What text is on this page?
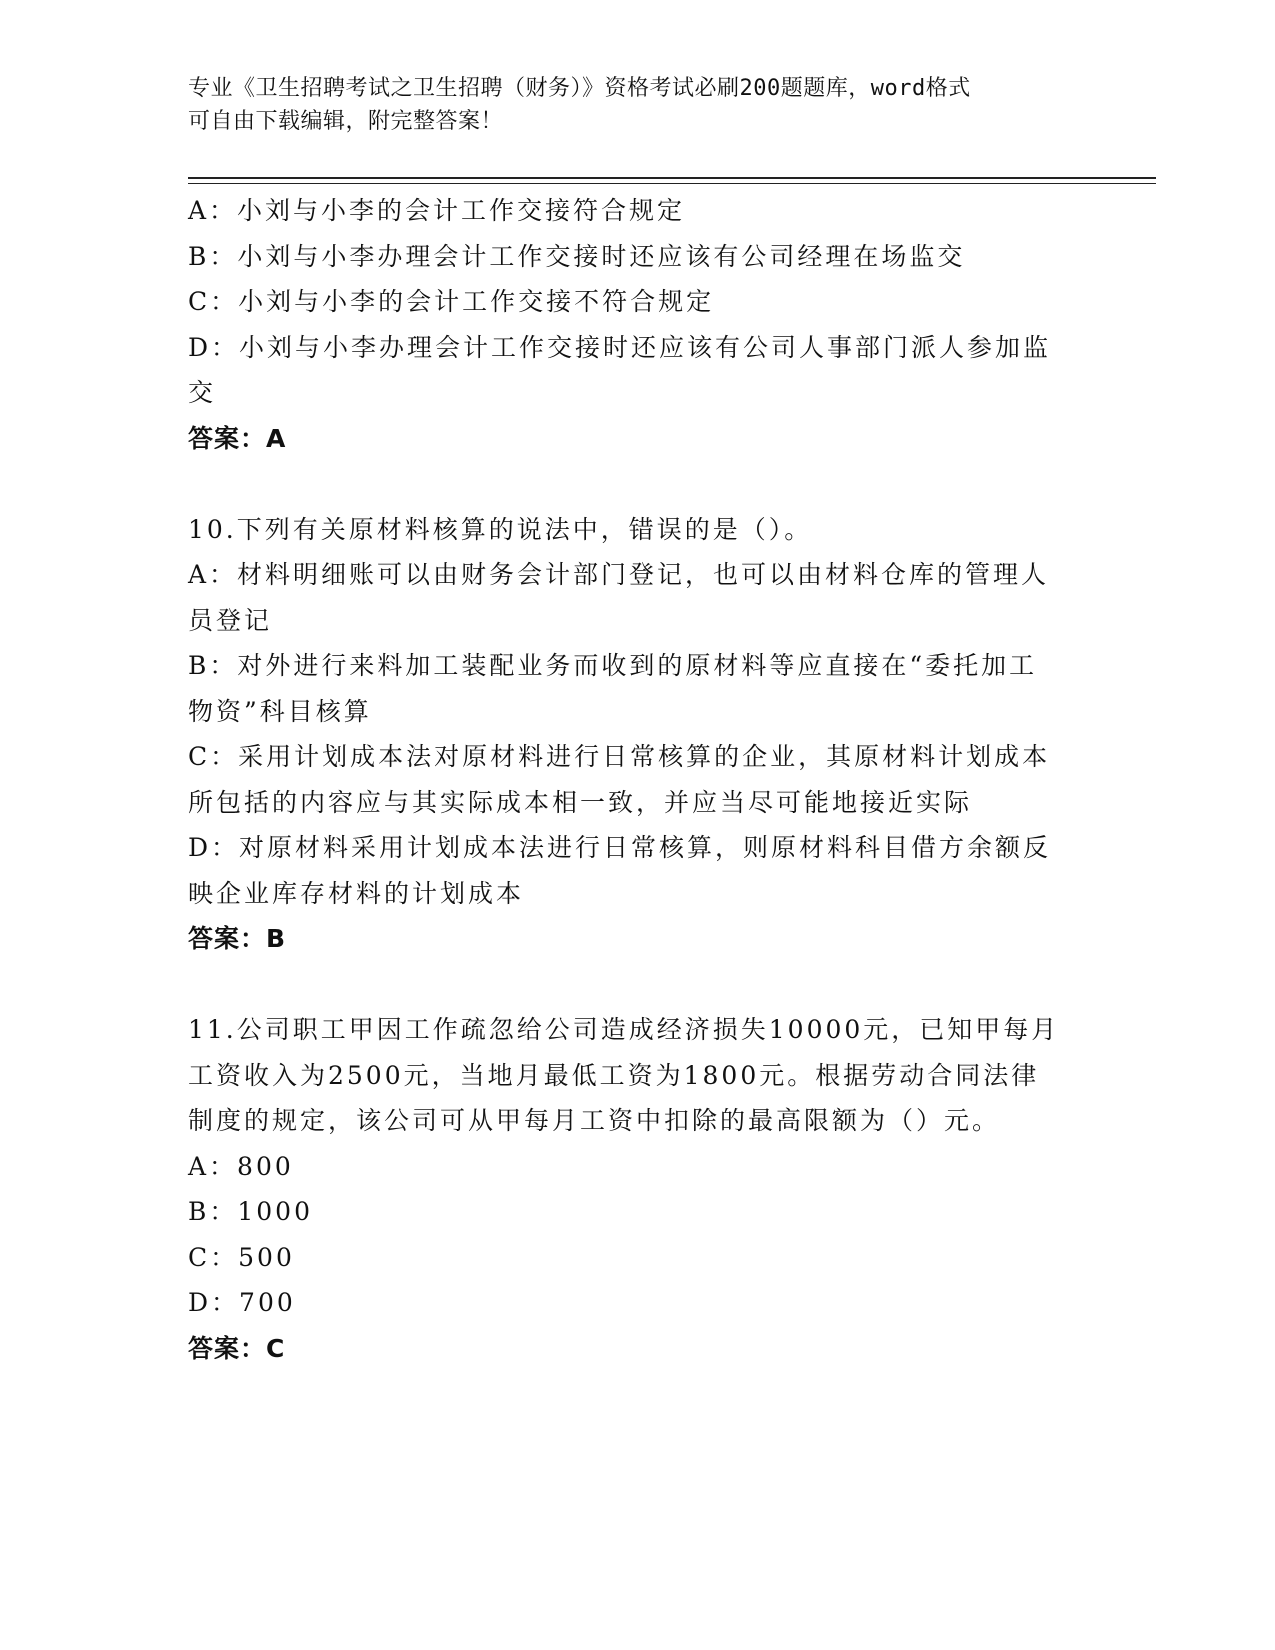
专业《卫生招聘考试之卫生招聘（财务）》资格考试必刷200题题库，word格式
可自由下载编辑，附完整答案！
A：小刘与小李的会计工作交接符合规定
B：小刘与小李办理会计工作交接时还应该有公司经理在场监交
C：小刘与小李的会计工作交接不符合规定
D：小刘与小李办理会计工作交接时还应该有公司人事部门派人参加监
交
答案：A
10.下列有关原材料核算的说法中，错误的是（）。
A：材料明细账可以由财务会计部门登记，也可以由材料仓库的管理人
员登记
B：对外进行来料加工装配业务而收到的原材料等应直接在“委托加工
物资”科目核算
C：采用计划成本法对原材料进行日常核算的企业，其原材料计划成本
所包括的内容应与其实际成本相一致，并应当尽可能地接近实际
D：对原材料采用计划成本法进行日常核算，则原材料科目借方余额反
映企业库存材料的计划成本
答案：B
11.公司职工甲因工作疏忽给公司造成经济损失10000元，已知甲每月
工资收入为2500元，当地月最低工资为1800元。根据劳动合同法律
制度的规定，该公司可从甲每月工资中扣除的最高限额为（）元。
A：800
B：1000
C：500
D：700
答案：C
